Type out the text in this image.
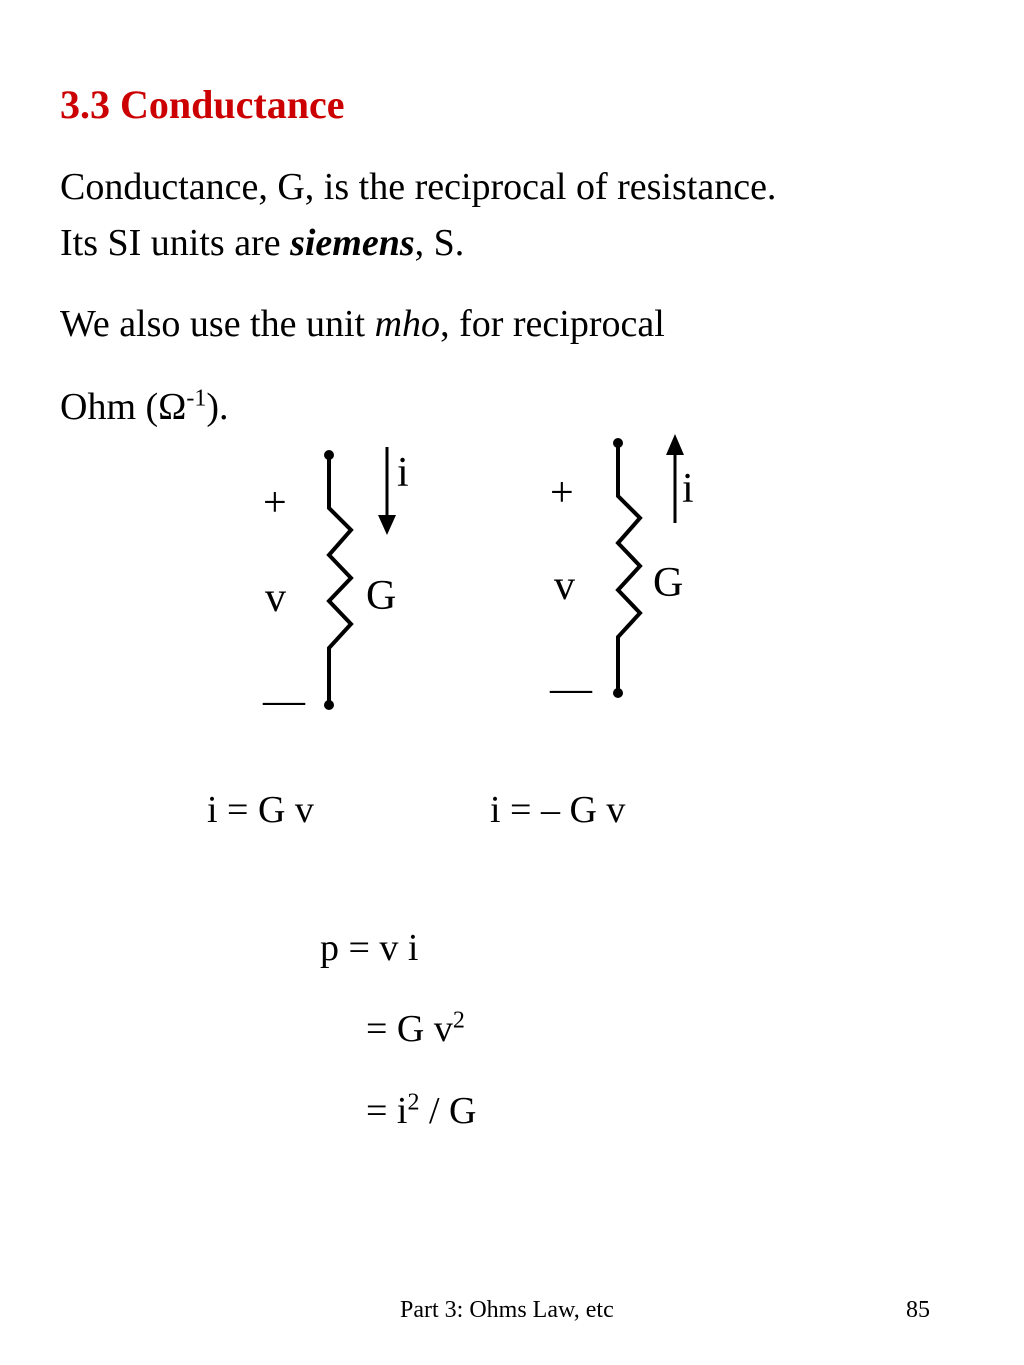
3.3 Conductance
Conductance, G, is the reciprocal of resistance.
Its SI units are siemens, S.
We also use the unit mho, for reciprocal
Ohm $(\Omega^{-1})$.
+
v
—
i
G
+
v
—
i
G
i = G v	i = – G v
p = v i
= G $v^2$
= $i^2$ / G
Part 3: Ohms Law, etc	85
